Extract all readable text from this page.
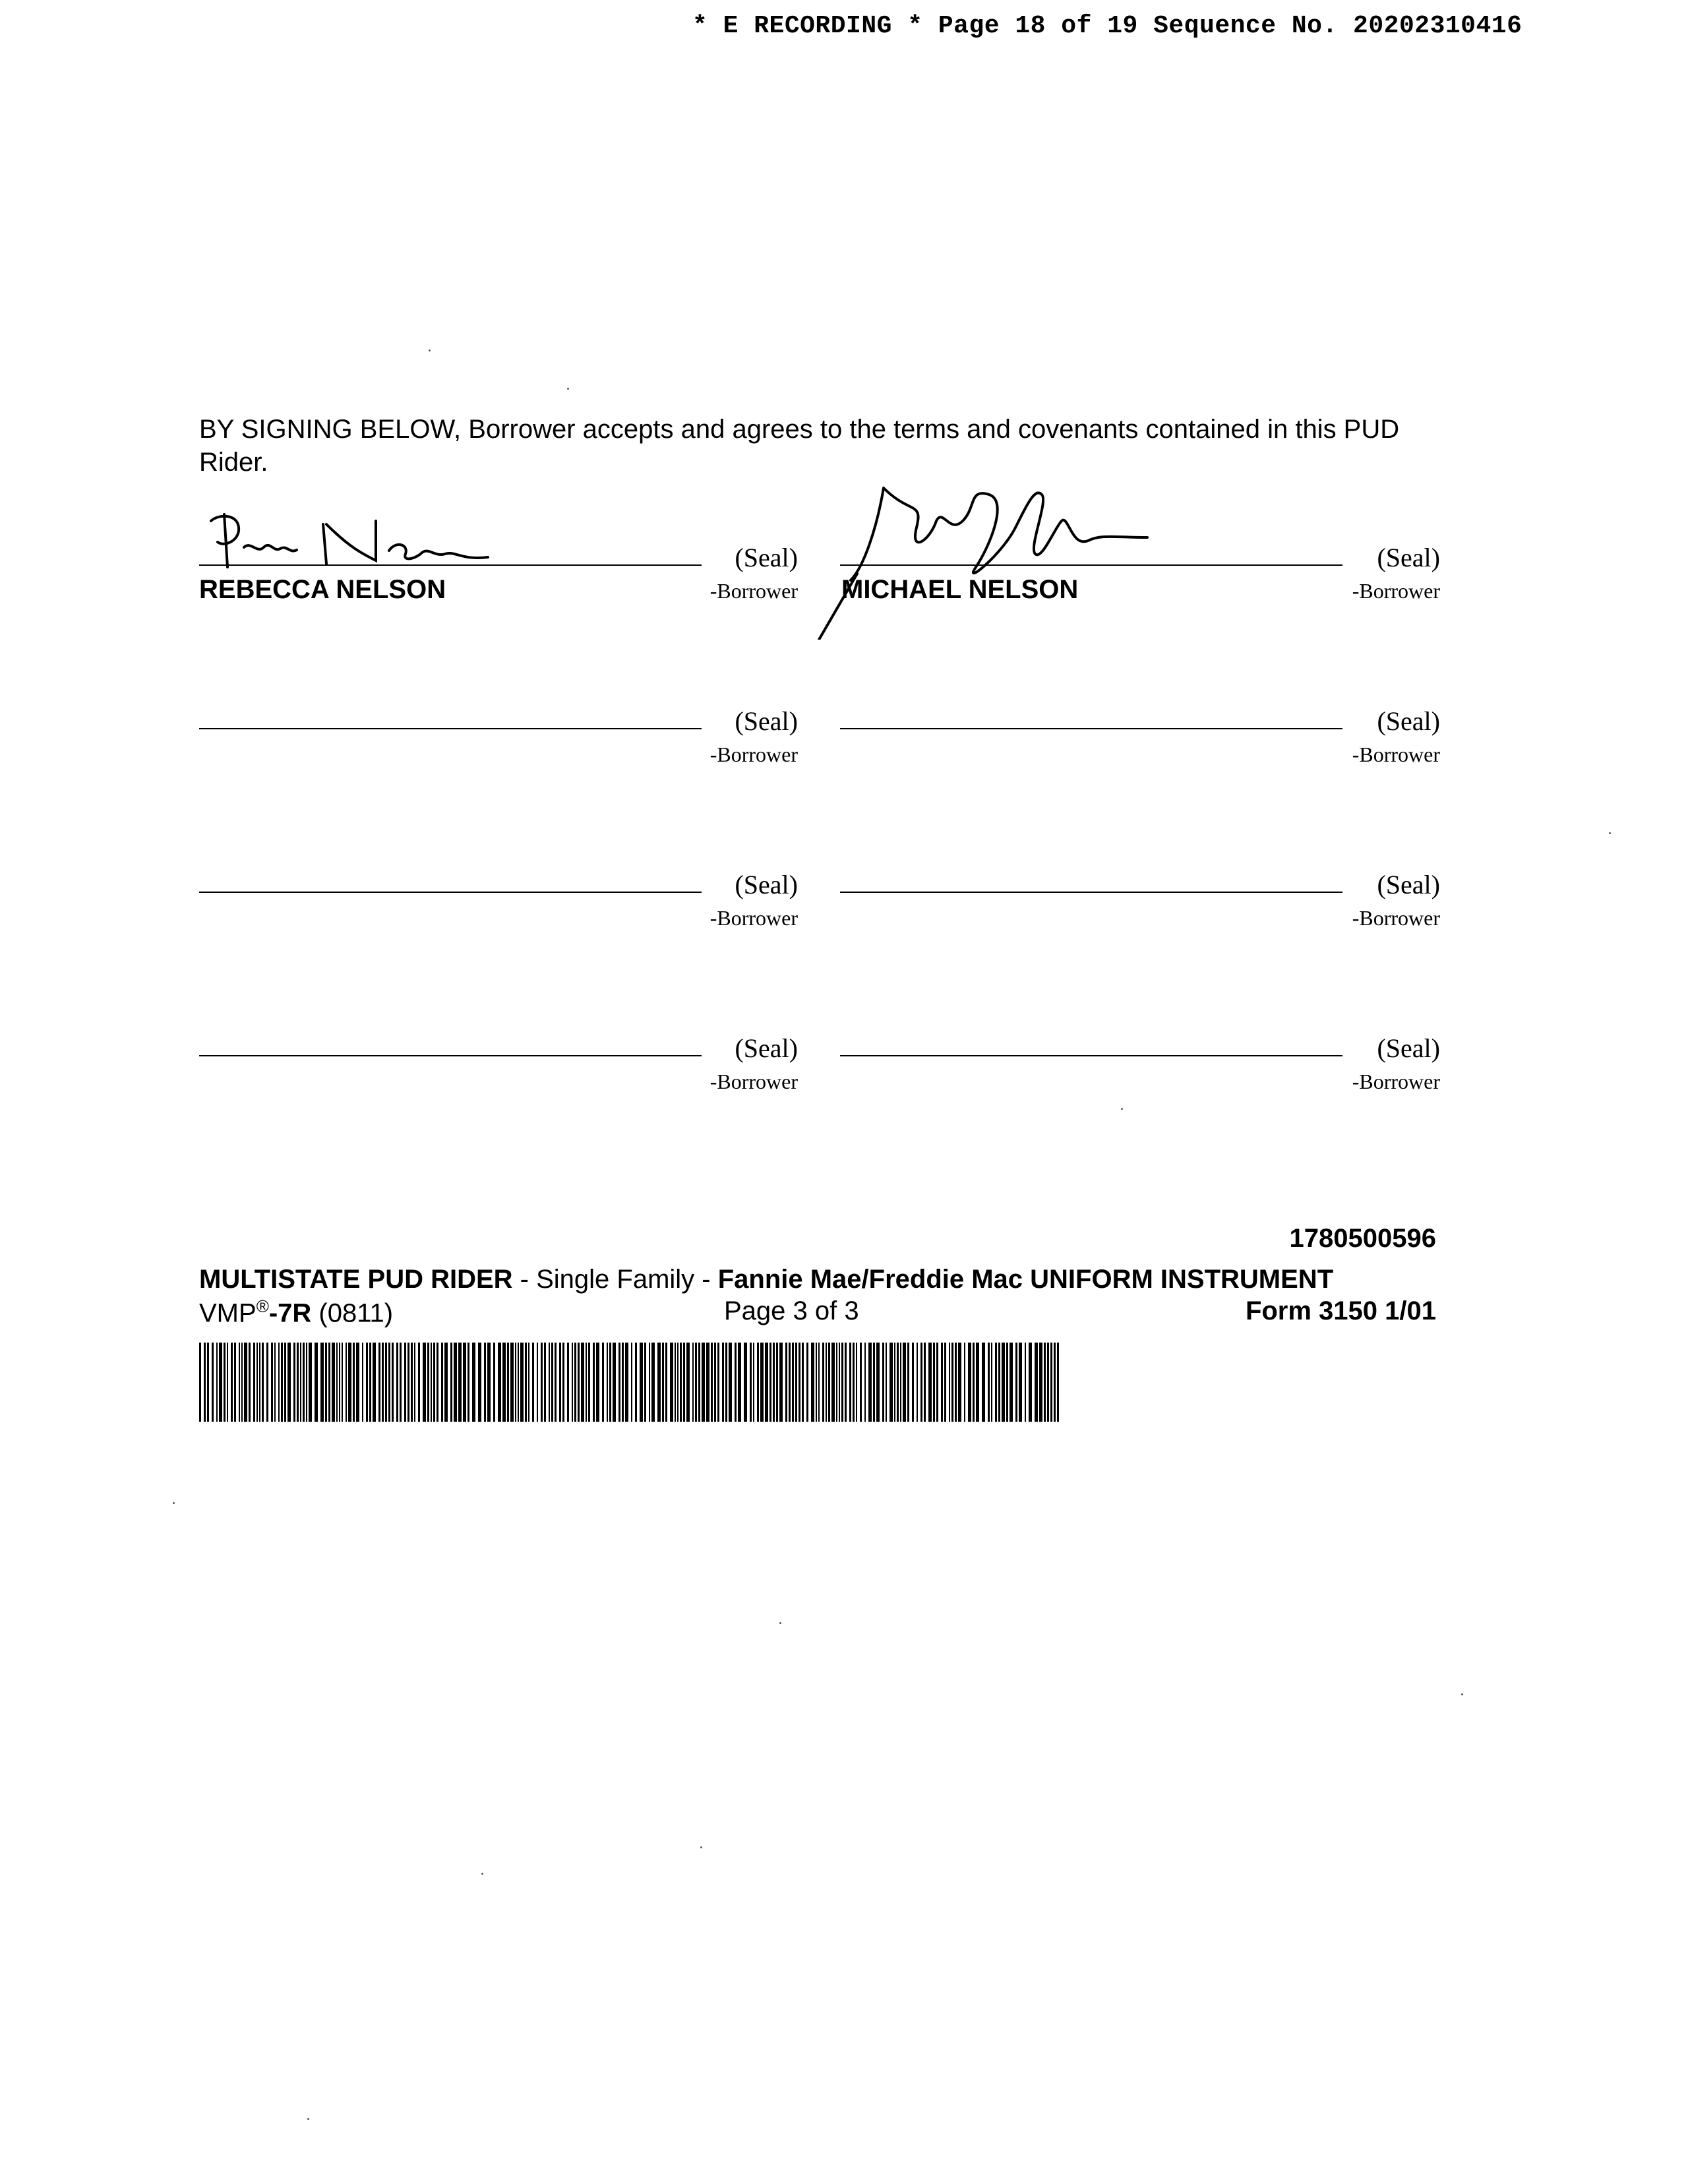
* E RECORDING * Page 18 of 19 Sequence No. 20202310416
BY SIGNING BELOW, Borrower accepts and agrees to the terms and covenants contained in this PUD Rider.
(Seal)
-Borrower
REBECCA NELSON
(Seal)
-Borrower
MICHAEL NELSON
(Seal)
-Borrower
(Seal)
-Borrower
(Seal)
-Borrower
(Seal)
-Borrower
(Seal)
-Borrower
(Seal)
-Borrower
1780500596
MULTISTATE PUD RIDER - Single Family - Fannie Mae/Freddie Mac UNIFORM INSTRUMENT
VMP®-7R (0811)	Page 3 of 3	Form 3150 1/01
